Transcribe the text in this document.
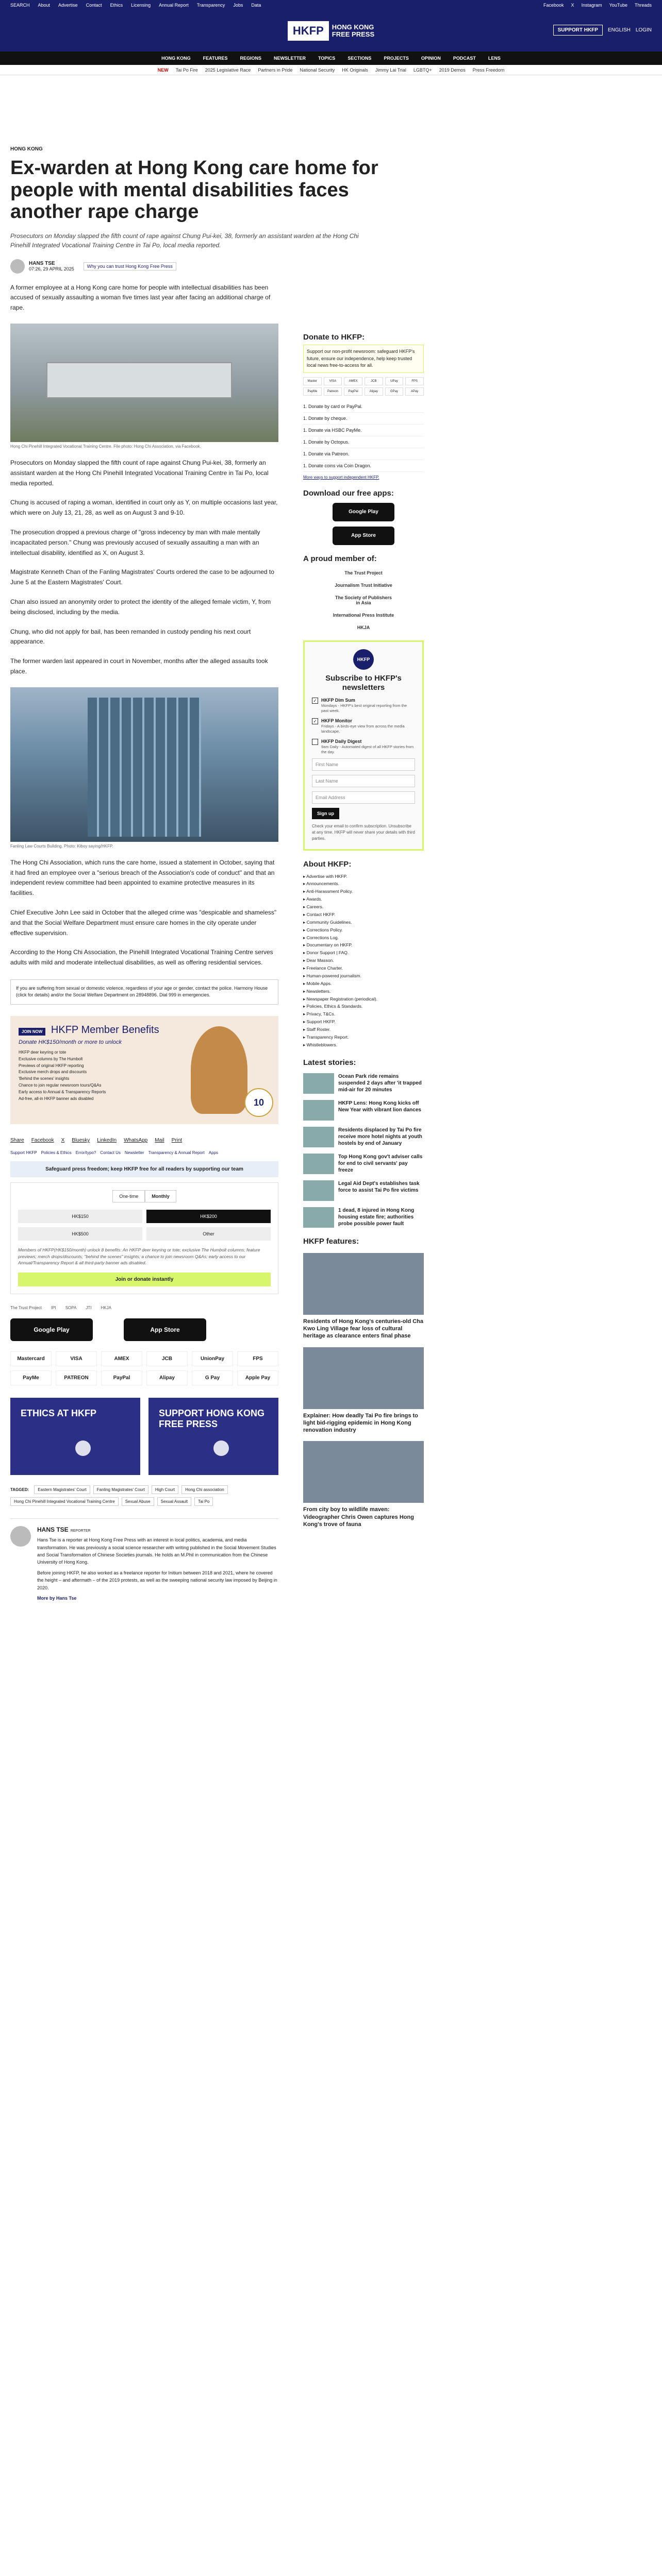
SEARCH About Advertise Contact Ethics Licensing Annual Report Transparency Jobs Data	Facebook X Instagram YouTube Threads
HKFP	HONG KONG
FREE PRESS
SUPPORT HKFP	ENGLISH LOGIN
HONG KONG	FEATURES	REGIONS	NEWSLETTER	TOPICS	SECTIONS	PROJECTS	OPINION	PODCAST	LENS
NEW Tai Po Fire 2025 Legislative Race Partners in Pride National Security HK Originals Jimmy Lai Trial LGBTQ+ 2019 Demos Press Freedom
HONG KONG
Ex-warden at Hong Kong care home for people with mental disabilities faces another rape charge

Prosecutors on Monday slapped the fifth count of rape against Chung Pui-kei, 38, formerly an assistant warden at the Hong Chi Pinehill Integrated Vocational Training Centre in Tai Po, local media reported.

HANS TSE
07:26, 29 APRIL 2025
Why you can trust Hong Kong Free Press

A former employee at a Hong Kong care home for people with intellectual disabilities has been accused of sexually assaulting a woman five times last year after facing an additional charge of rape.

Hong Chi Pinehill Integrated Vocational Training Centre. File photo: Hong Chi Association, via Facebook.

Prosecutors on Monday slapped the fifth count of rape against Chung Pui-kei, 38, formerly an assistant warden at the Hong Chi Pinehill Integrated Vocational Training Centre in Tai Po, local media reported.

Chung is accused of raping a woman, identified in court only as Y, on multiple occasions last year, which were on July 13, 21, 28, as well as on August 3 and 9-10.

The prosecution dropped a previous charge of "gross indecency by man with male mentally incapacitated person." Chung was previously accused of sexually assaulting a man with an intellectual disability, identified as X, on August 3.

Magistrate Kenneth Chan of the Fanling Magistrates' Courts ordered the case to be adjourned to June 5 at the Eastern Magistrates' Court.

Chan also issued an anonymity order to protect the identity of the alleged female victim, Y, from being disclosed, including by the media.

Chung, who did not apply for bail, has been remanded in custody pending his next court appearance.

The former warden last appeared in court in November, months after the alleged assaults took place.

Fanling Law Courts Building. Photo: Kiboy saying/HKFP.

The Hong Chi Association, which runs the care home, issued a statement in October, saying that it had fired an employee over a "serious breach of the Association's code of conduct" and that an independent review committee had been appointed to examine protective measures in its facilities.

Chief Executive John Lee said in October that the alleged crime was "despicable and shameless" and that the Social Welfare Department must ensure care homes in the city operate under effective supervision.

According to the Hong Chi Association, the Pinehill Integrated Vocational Training Centre serves adults with mild and moderate intellectual disabilities, as well as offering residential services.

If you are suffering from sexual or domestic violence, regardless of your age or gender, contact the police. Harmony House (click for details) and/or the Social Welfare Department on 28948896. Dial 999 in emergencies.
JOIN NOW HKFP Member Benefits
Donate HK$150/month or more to unlock
HKFP deer keyring or tote
Exclusive columns by The Humbolt
Previews of original HKFP reporting
Exclusive merch drops and discounts
'Behind the scenes' insights
Chance to join regular newsroom tours/Q&As
Early access to Annual & Transparency Reports
Ad-free, all-in HKFP banner ads disabled	10
Share Facebook X Bluesky LinkedIn WhatsApp Mail Print
Support HKFP Policies & Ethics Error/typo? Contact Us Newsletter Transparency & Annual Report Apps
Safeguard press freedom; keep HKFP free for all readers by supporting our team
One-time	Monthly
HK$150	HK$200
HK$500	Other
Members of HKFP(HK$150/month) unlock 8 benefits: An HKFP deer keyring or tote; exclusive The Humbolt columns; feature previews; merch drops/discounts; "behind the scenes" insights; a chance to join newsroom Q&As; early access to our Annual/Transparency Report & all third-party banner ads disabled.
Join or donate instantly
The Trust Project IPI SOPA JTI HKJA
Google Play	App Store
Mastercard	VISA	AMEX	JCB	UnionPay	FPS
PayMe	PATREON	PayPal	Alipay	G Pay	Apple Pay
ETHICS AT HKFP	SUPPORT HONG KONG FREE PRESS
TAGGED:	Eastern Magistrates' Court	Fanling Magistrates' Court	High Court	Hong Chi association
Hong Chi Pinehill Integrated Vocational Training Centre	Sexual Abuse	Sexual Assault	Tai Po
HANS TSE REPORTER

Hans Tse is a reporter at Hong Kong Free Press with an interest in local politics, academia, and media transformation. He was previously a social science researcher with writing published in the Social Movement Studies and Social Transformation of Chinese Societies journals. He holds an M.Phil in communication from the Chinese University of Hong Kong.

Before joining HKFP, he also worked as a freelance reporter for Initium between 2018 and 2021, where he covered the height – and aftermath – of the 2019 protests, as well as the sweeping national security law imposed by Beijing in 2020.

More by Hans Tse
Donate to HKFP:
Support our non-profit newsroom: safeguard HKFP's future, ensure our independence, help keep trusted local news free-to-access for all.
Master	VISA	AMEX	JCB	UPay	FPS
PayMe	Patreon	PayPal	Alipay	GPay	APay
1. Donate by card or PayPal.
1. Donate by cheque.
1. Donate via HSBC PayMe.
1. Donate by Octopus.
1. Donate via Patreon.
1. Donate coins via Coin Dragon.
More ways to support independent HKFP.
Download our free apps:
Google Play
App Store
A proud member of:
The Trust Project
Journalism Trust Initiative
The Society of Publishers in Asia
International Press Institute
HKJA
HKFP
Subscribe to HKFP's newsletters
✓ HKFP Dim Sum
Mondays - HKFP's best original reporting from the past week.
✓ HKFP Monitor
Fridays - A birds-eye view from across the media landscape.
HKFP Daily Digest
9am Daily - Automated digest of all HKFP stories from the day.
First Name
Last Name
Email Address
Sign up
Check your email to confirm subscription. Unsubscribe at any time. HKFP will never share your details with third parties.
About HKFP:
▸ Advertise with HKFP.
▸ Announcements.
▸ Anti-Harassment Policy.
▸ Awards.
▸ Careers.
▸ Contact HKFP.
▸ Community Guidelines.
▸ Corrections Policy.
▸ Corrections Log.
▸ Documentary on HKFP.
▸ Donor Support | FAQ.
▸ Dear Masson.
▸ Freelance Charter.
▸ Human-powered journalism.
▸ Mobile Apps.
▸ Newsletters.
▸ Newspaper Registration (periodical).
▸ Policies, Ethics & Standards.
▸ Privacy, T&Cs.
▸ Support HKFP.
▸ Staff Roster.
▸ Transparency Report.
▸ Whistleblowers.
Latest stories:
Ocean Park ride remains suspended 2 days after 'it trapped mid-air for 20 minutes
HKFP Lens: Hong Kong kicks off New Year with vibrant lion dances
Residents displaced by Tai Po fire receive more hotel nights at youth hostels by end of January
Top Hong Kong gov't adviser calls for end to civil servants' pay freeze
Legal Aid Dept's establishes task force to assist Tai Po fire victims
1 dead, 8 injured in Hong Kong housing estate fire; authorities probe possible power fault
HKFP features:
Residents of Hong Kong's centuries-old Cha Kwo Ling Village fear loss of cultural heritage as clearance enters final phase
Explainer: How deadly Tai Po fire brings to light bid-rigging epidemic in Hong Kong renovation industry
From city boy to wildlife maven: Videographer Chris Owen captures Hong Kong's trove of fauna
